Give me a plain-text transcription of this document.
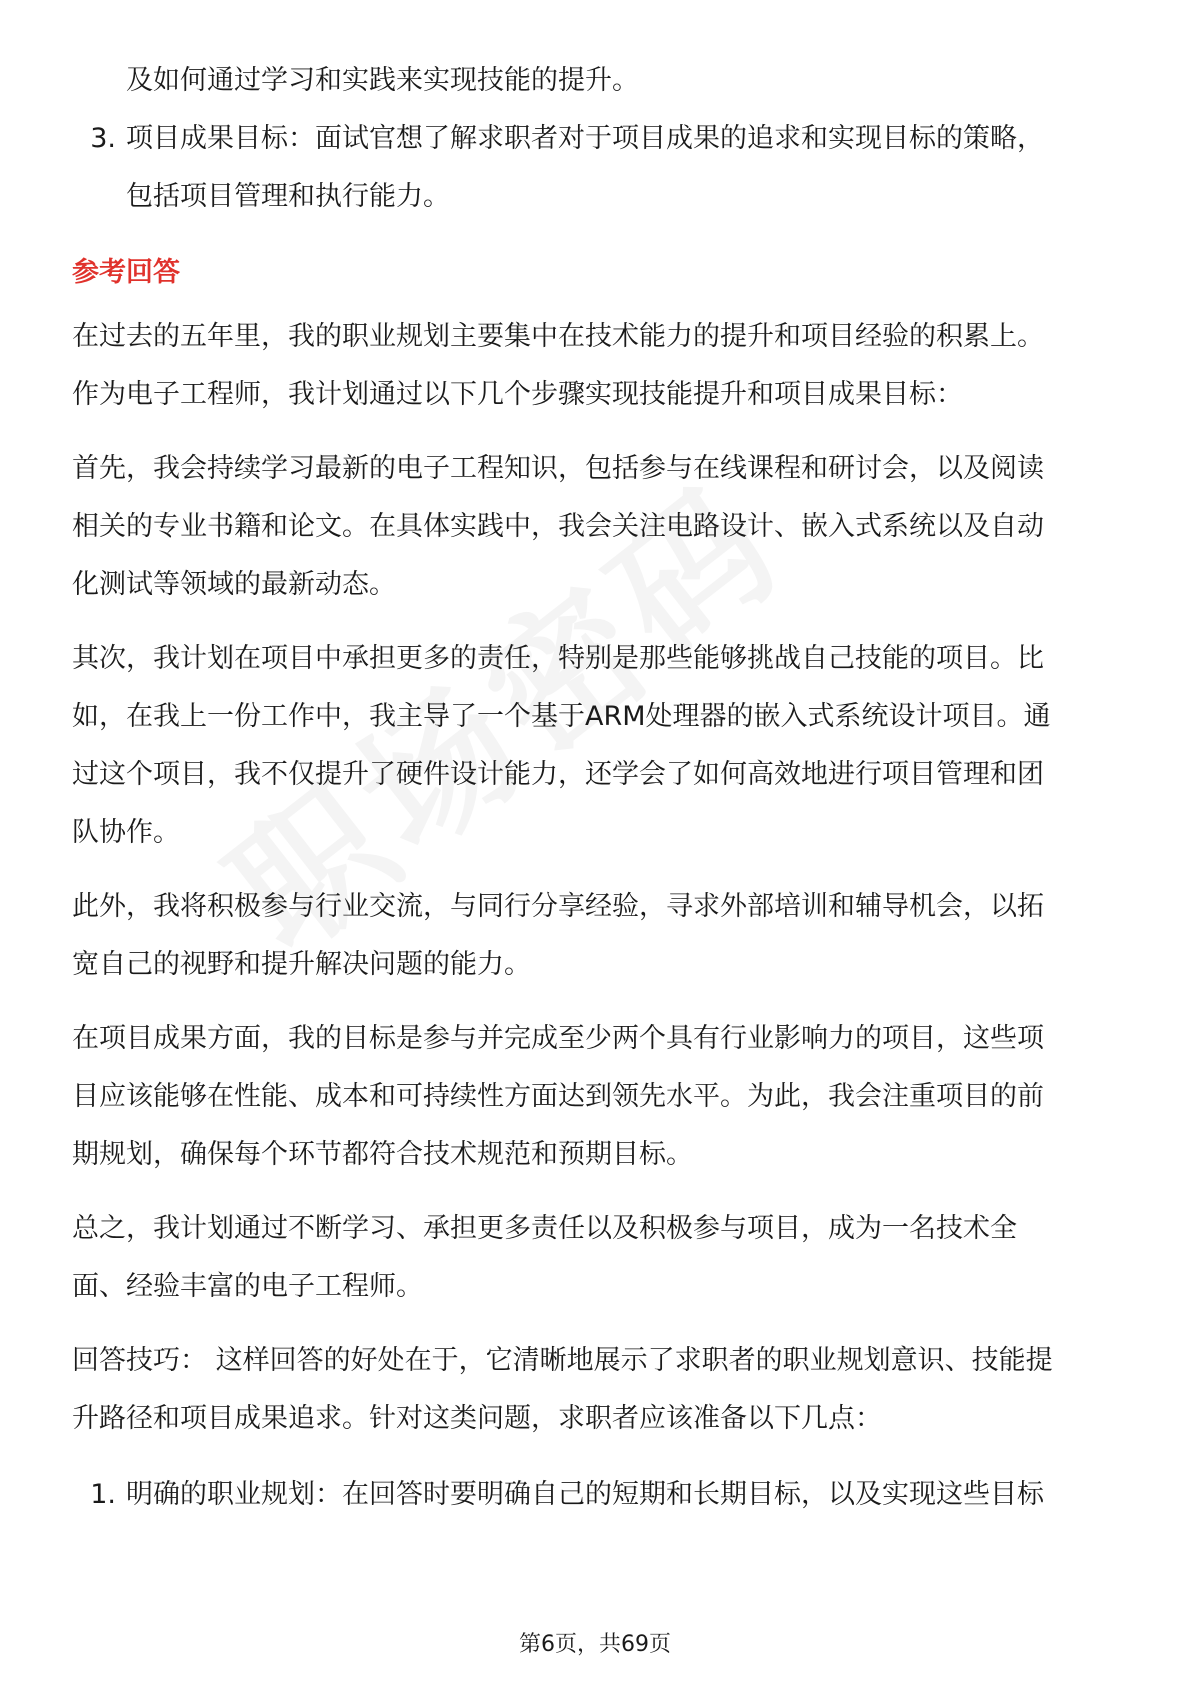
及如何通过学习和实践来实现技能的提升。
3. 项目成果目标：面试官想了解求职者对于项目成果的追求和实现目标的策略，
包括项目管理和执行能力。
参考回答
在过去的五年里，我的职业规划主要集中在技术能力的提升和项目经验的积累上。
作为电子工程师，我计划通过以下几个步骤实现技能提升和项目成果目标：
首先，我会持续学习最新的电子工程知识，包括参与在线课程和研讨会，以及阅读
相关的专业书籍和论文。在具体实践中，我会关注电路设计、嵌入式系统以及自动
化测试等领域的最新动态。
其次，我计划在项目中承担更多的责任，特别是那些能够挑战自己技能的项目。比
如，在我上一份工作中，我主导了一个基于ARM处理器的嵌入式系统设计项目。通
过这个项目，我不仅提升了硬件设计能力，还学会了如何高效地进行项目管理和团
队协作。
此外，我将积极参与行业交流，与同行分享经验，寻求外部培训和辅导机会，以拓
宽自己的视野和提升解决问题的能力。
在项目成果方面，我的目标是参与并完成至少两个具有行业影响力的项目，这些项
目应该能够在性能、成本和可持续性方面达到领先水平。为此，我会注重项目的前
期规划，确保每个环节都符合技术规范和预期目标。
总之，我计划通过不断学习、承担更多责任以及积极参与项目，成为一名技术全
面、经验丰富的电子工程师。
回答技巧： 这样回答的好处在于，它清晰地展示了求职者的职业规划意识、技能提
升路径和项目成果追求。针对这类问题，求职者应该准备以下几点：
1. 明确的职业规划：在回答时要明确自己的短期和长期目标，以及实现这些目标
第6页，共69页
